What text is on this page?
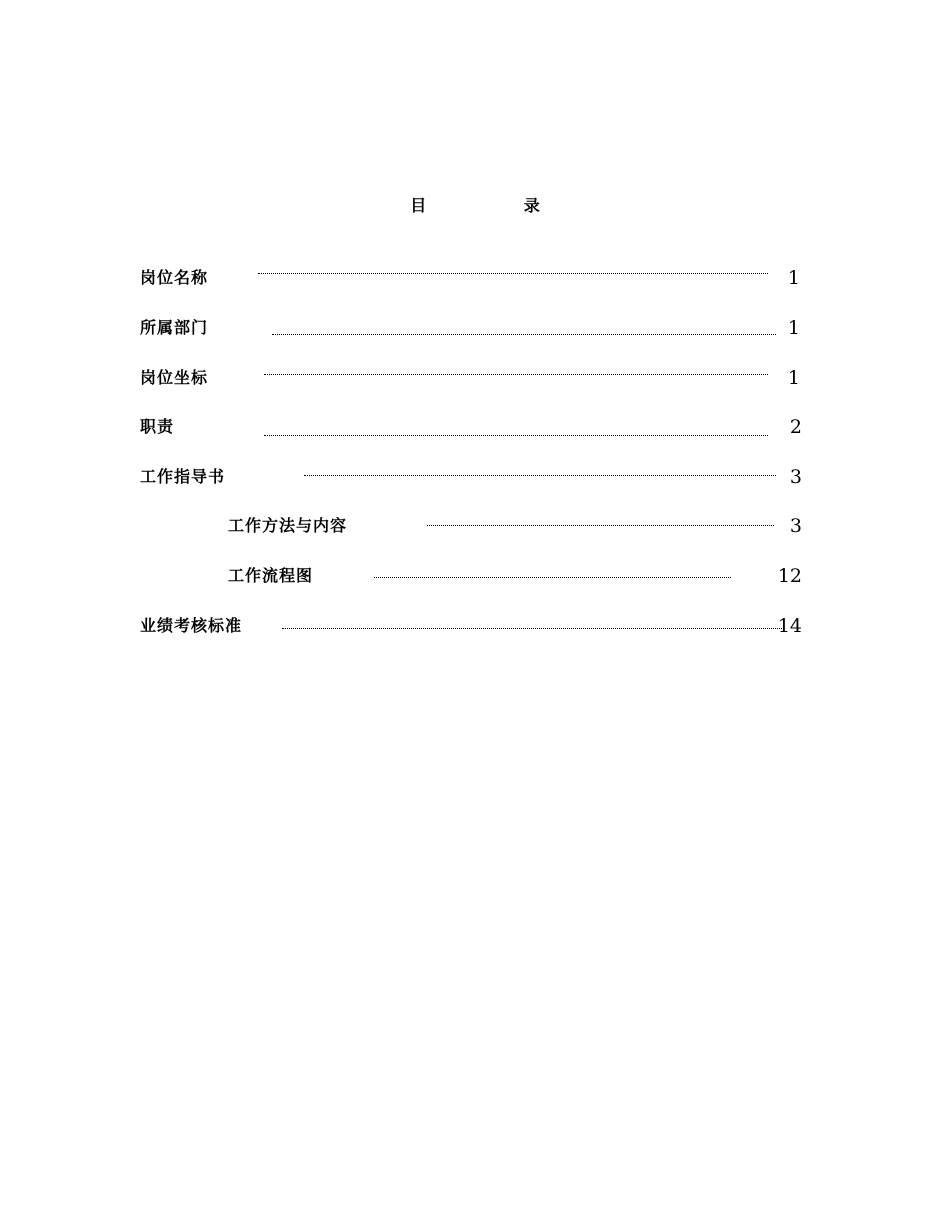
目 录
岗位名称	1
所属部门	1
岗位坐标	1
职责	2
工作指导书	3
工作方法与内容	3
工作流程图	12
业绩考核标准	14
